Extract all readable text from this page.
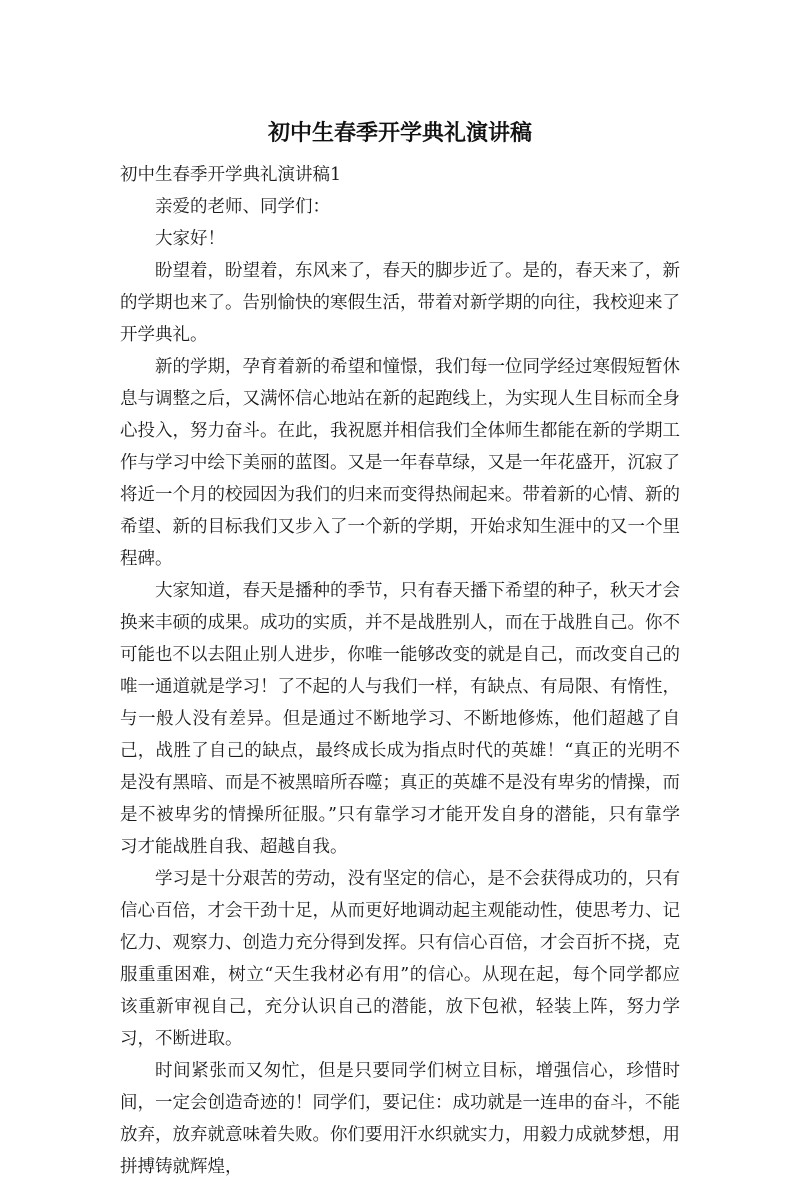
初中生春季开学典礼演讲稿

初中生春季开学典礼演讲稿1

亲爱的老师、同学们：

大家好！

盼望着，盼望着，东风来了，春天的脚步近了。是的，春天来了，新的学期也来了。告别愉快的寒假生活，带着对新学期的向往，我校迎来了开学典礼。

新的学期，孕育着新的希望和憧憬，我们每一位同学经过寒假短暂休息与调整之后，又满怀信心地站在新的起跑线上，为实现人生目标而全身心投入，努力奋斗。在此，我祝愿并相信我们全体师生都能在新的学期工作与学习中绘下美丽的蓝图。又是一年春草绿，又是一年花盛开，沉寂了将近一个月的校园因为我们的归来而变得热闹起来。带着新的心情、新的希望、新的目标我们又步入了一个新的学期，开始求知生涯中的又一个里程碑。

大家知道，春天是播种的季节，只有春天播下希望的种子，秋天才会换来丰硕的成果。成功的实质，并不是战胜别人，而在于战胜自己。你不可能也不以去阻止别人进步，你唯一能够改变的就是自己，而改变自己的唯一通道就是学习！了不起的人与我们一样，有缺点、有局限、有惰性，与一般人没有差异。但是通过不断地学习、不断地修炼，他们超越了自己，战胜了自己的缺点，最终成长成为指点时代的英雄！“真正的光明不是没有黑暗、而是不被黑暗所吞噬；真正的英雄不是没有卑劣的情操，而是不被卑劣的情操所征服。”只有靠学习才能开发自身的潜能，只有靠学习才能战胜自我、超越自我。

学习是十分艰苦的劳动，没有坚定的信心，是不会获得成功的，只有信心百倍，才会干劲十足，从而更好地调动起主观能动性，使思考力、记忆力、观察力、创造力充分得到发挥。只有信心百倍，才会百折不挠，克服重重困难，树立“天生我材必有用”的信心。从现在起，每个同学都应该重新审视自己，充分认识自己的潜能，放下包袱，轻装上阵，努力学习，不断进取。

时间紧张而又匆忙，但是只要同学们树立目标，增强信心，珍惜时间，一定会创造奇迹的！同学们，要记住：成功就是一连串的奋斗，不能放弃，放弃就意味着失败。你们要用汗水织就实力，用毅力成就梦想，用拼搏铸就辉煌，
